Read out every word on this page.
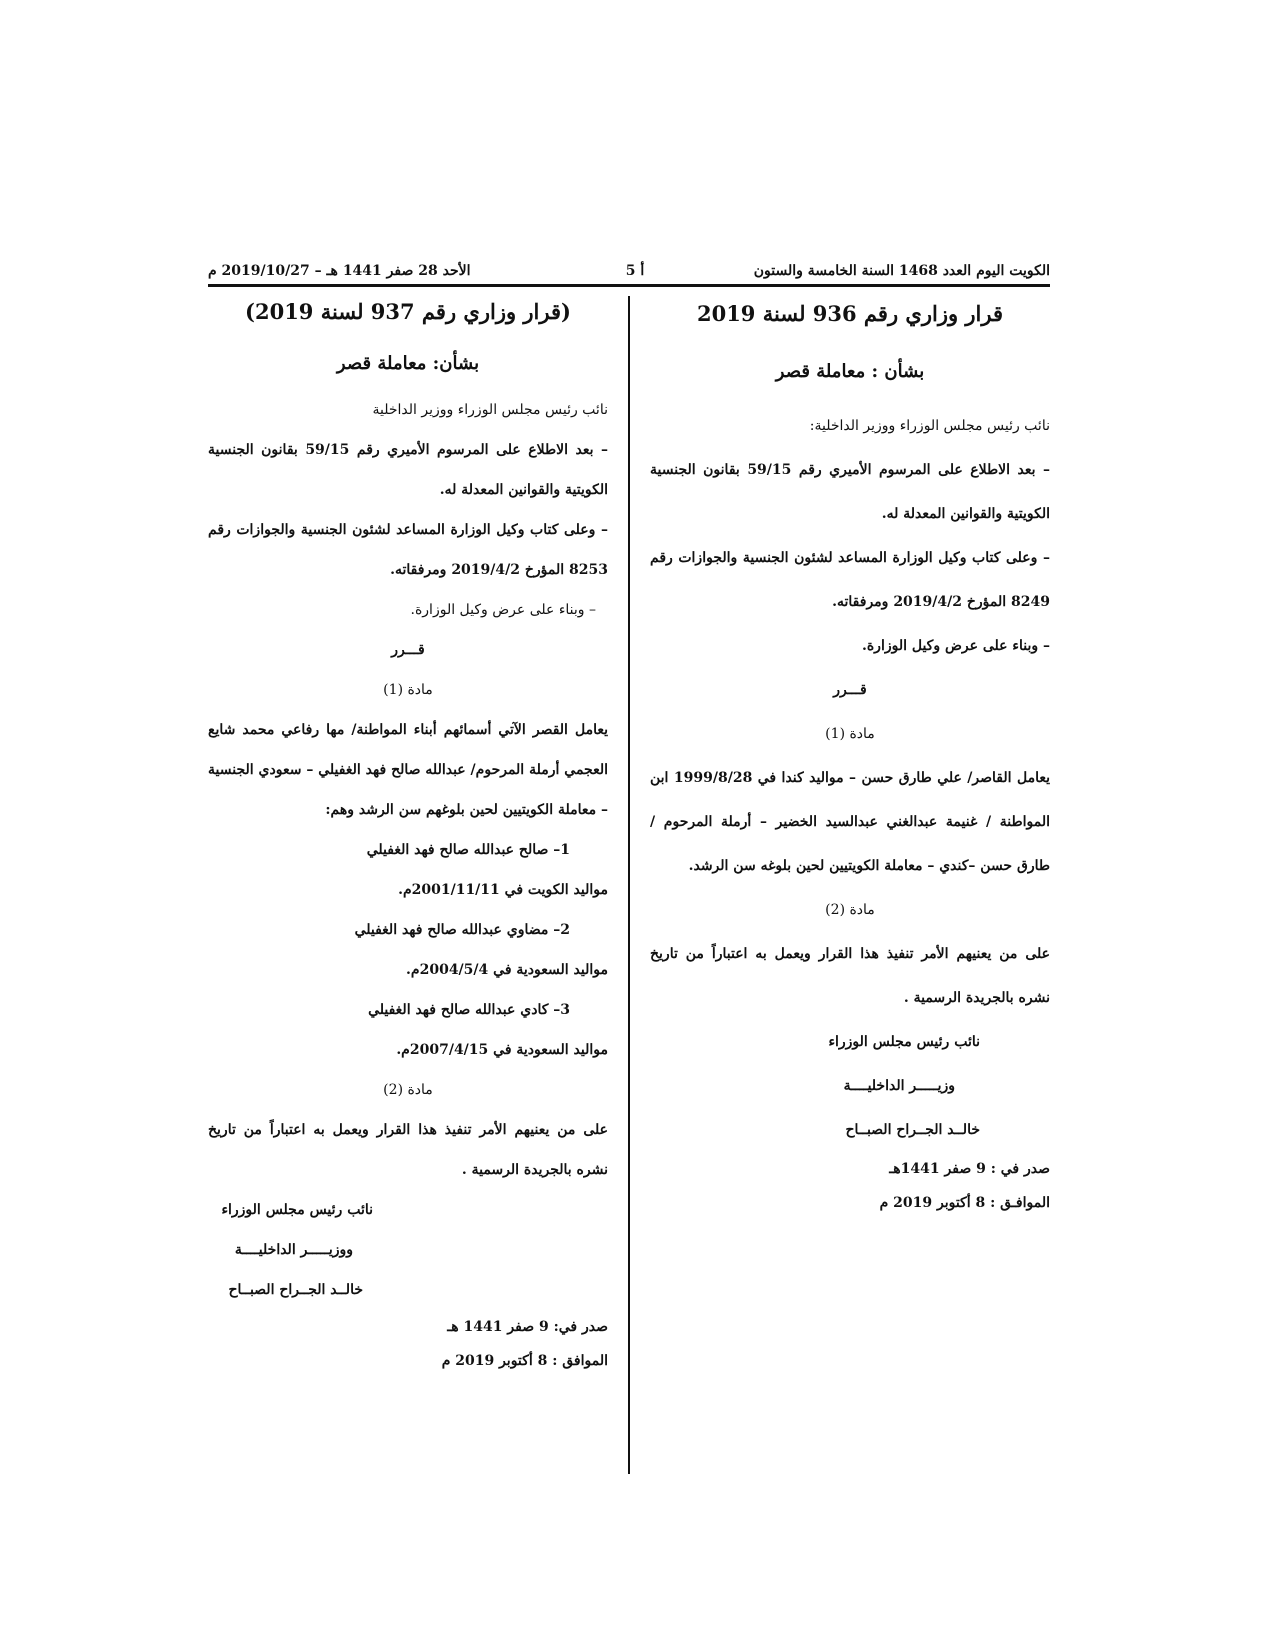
الكويت اليوم العدد 1468 السنة الخامسة والستون
أ 5
الأحد 28 صفر 1441 هـ – 2019/10/27 م
قرار وزاري رقم 936 لسنة 2019
بشأن : معاملة قصر
نائب رئيس مجلس الوزراء ووزير الداخلية:
– بعد الاطلاع على المرسوم الأميري رقم 59/15 بقانون الجنسية الكويتية والقوانين المعدلة له.
– وعلى كتاب وكيل الوزارة المساعد لشئون الجنسية والجوازات رقم 8249 المؤرخ 2019/4/2 ومرفقاته.
– وبناء على عرض وكيل الوزارة.
قـــرر
مادة (1)
يعامل القاصر/ علي طارق حسن – مواليد كندا في 1999/8/28 ابن المواطنة / غنيمة عبدالغني عبدالسيد الخضير – أرملة المرحوم / طارق حسن –كندي – معاملة الكويتيين لحين بلوغه سن الرشد.
مادة (2)
على من يعنيهم الأمر تنفيذ هذا القرار ويعمل به اعتباراً من تاريخ نشره بالجريدة الرسمية .
نائب رئيس مجلس الوزراء
وزيـــــر الداخليــــة
خالــد الجــراح الصبــاح
صدر في : 9 صفر 1441هـ
الموافـق : 8 أكتوبر 2019 م
(قرار وزاري رقم 937 لسنة 2019)
بشأن: معاملة قصر
نائب رئيس مجلس الوزراء ووزير الداخلية
– بعد الاطلاع على المرسوم الأميري رقم 59/15 بقانون الجنسية الكويتية والقوانين المعدلة له.
– وعلى كتاب وكيل الوزارة المساعد لشئون الجنسية والجوازات رقم 8253 المؤرخ 2019/4/2 ومرفقاته.
– وبناء على عرض وكيل الوزارة.
قـــرر
مادة (1)
يعامل القصر الآتي أسمائهم أبناء المواطنة/ مها رفاعي محمد شايع العجمي أرملة المرحوم/ عبدالله صالح فهد الغفيلي – سعودي الجنسية – معاملة الكويتيين لحين بلوغهم سن الرشد وهم:
1– صالح عبدالله صالح فهد الغفيلي
مواليد الكويت في 2001/11/11م.
2– مضاوي عبدالله صالح فهد الغفيلي
مواليد السعودية في 2004/5/4م.
3– كادي عبدالله صالح فهد الغفيلي
مواليد السعودية في 2007/4/15م.
مادة (2)
على من يعنيهم الأمر تنفيذ هذا القرار ويعمل به اعتباراً من تاريخ نشره بالجريدة الرسمية .
نائب رئيس مجلس الوزراء
ووزيـــــر الداخليــــة
خالــد الجــراح الصبــاح
صدر في: 9 صفر 1441 هـ
الموافق : 8 أكتوبر 2019 م
